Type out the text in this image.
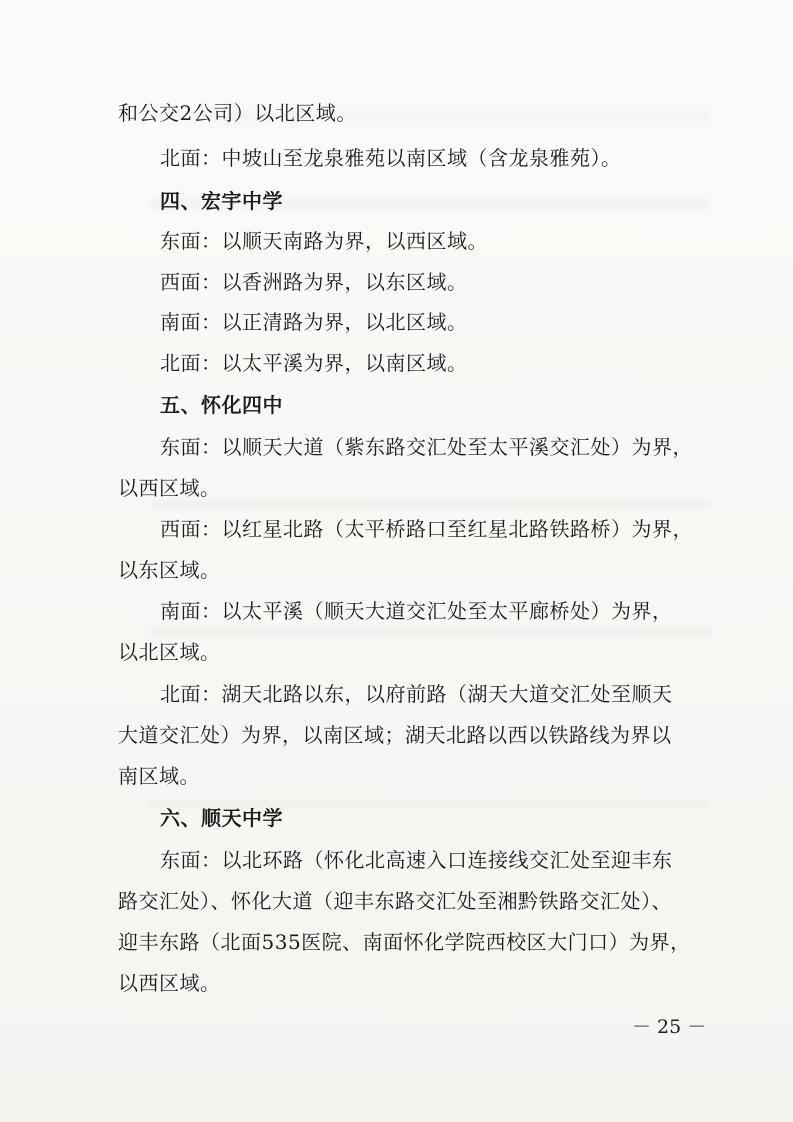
和公交2公司）以北区域。
北面：中坡山至龙泉雅苑以南区域（含龙泉雅苑）。
四、宏宇中学
东面：以顺天南路为界，以西区域。
西面：以香洲路为界，以东区域。
南面：以正清路为界，以北区域。
北面：以太平溪为界，以南区域。
五、怀化四中
东面：以顺天大道（紫东路交汇处至太平溪交汇处）为界，
以西区域。
西面：以红星北路（太平桥路口至红星北路铁路桥）为界，
以东区域。
南面：以太平溪（顺天大道交汇处至太平廊桥处）为界，
以北区域。
北面：湖天北路以东，以府前路（湖天大道交汇处至顺天
大道交汇处）为界，以南区域；湖天北路以西以铁路线为界以
南区域。
六、顺天中学
东面：以北环路（怀化北高速入口连接线交汇处至迎丰东
路交汇处）、怀化大道（迎丰东路交汇处至湘黔铁路交汇处）、
迎丰东路（北面535医院、南面怀化学院西校区大门口）为界，
以西区域。
－ 25 －
